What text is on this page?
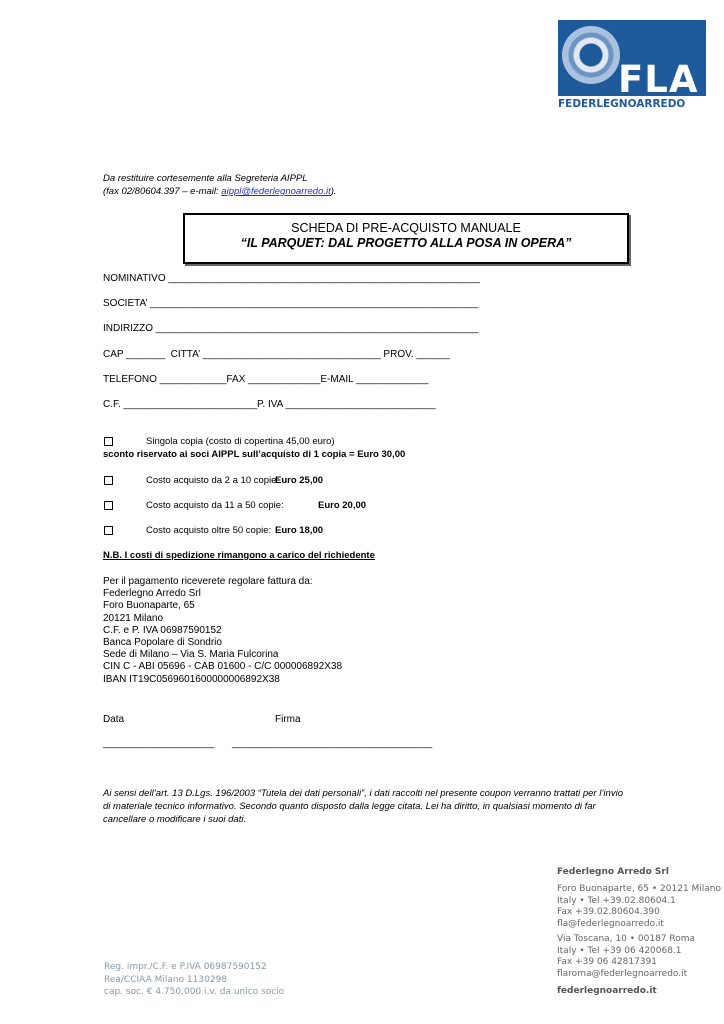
FLA
FEDERLEGNOARREDO
Da restituire cortesemente alla Segreteria AIPPL
(fax 02/80604.397 – e-mail: aippl@federlegnoarredo.it).
SCHEDA DI PRE-ACQUISTO MANUALE
“IL PARQUET: DAL PROGETTO ALLA POSA IN OPERA”
NOMINATIVO ________________________________________________________
SOCIETA’ ___________________________________________________________
INDIRIZZO __________________________________________________________
CAP _______  CITTA’ ________________________________ PROV. ______
TELEFONO ____________FAX _____________E-MAIL _____________
C.F. ________________________P. IVA ___________________________
Singola copia (costo di copertina 45,00 euro)
sconto riservato ai soci AIPPL sull’acquisto di 1 copia = Euro 30,00
Costo acquisto da 2 a 10 copie:
Euro 25,00
Costo acquisto da 11 a 50 copie:	Euro 20,00
Costo acquisto oltre 50 copie: Euro 18,00
N.B. I costi di spedizione rimangono a carico del richiedente
Per il pagamento riceverete regolare fattura da:
Federlegno Arredo Srl
Foro Buonaparte, 65
20121 Milano
C.F. e P. IVA 06987590152
Banca Popolare di Sondrio
Sede di Milano – Via S. Maria Fulcorina
CIN C - ABI 05696 - CAB 01600 - C/C 000006892X38
IBAN IT19C0569601600000006892X38
Data	Firma
____________________ ____________________________________
Ai sensi dell’art. 13 D.Lgs. 196/2003 “Tutela dei dati personali”, i dati raccolti nel presente coupon verranno trattati per l’invio di materiale tecnico informativo. Secondo quanto disposto dalla legge citata. Lei ha diritto, in qualsiasi momento di far cancellare o modificare i suoi dati.
Federlegno Arredo Srl
Foro Buonaparte, 65 • 20121 Milano
Italy • Tel +39.02.80604.1
Fax +39.02.80604.390
fla@federlegnoarredo.it
Via Toscana, 10 • 00187 Roma
Italy • Tel +39 06 420068.1
Fax +39 06 42817391
flaroma@federlegnoarredo.it
federlegnoarredo.it
Reg. impr./C.F. e P.IVA 06987590152
Rea/CCIAA Milano 1130298
cap. soc. € 4.750.000 i.v. da unico socio
